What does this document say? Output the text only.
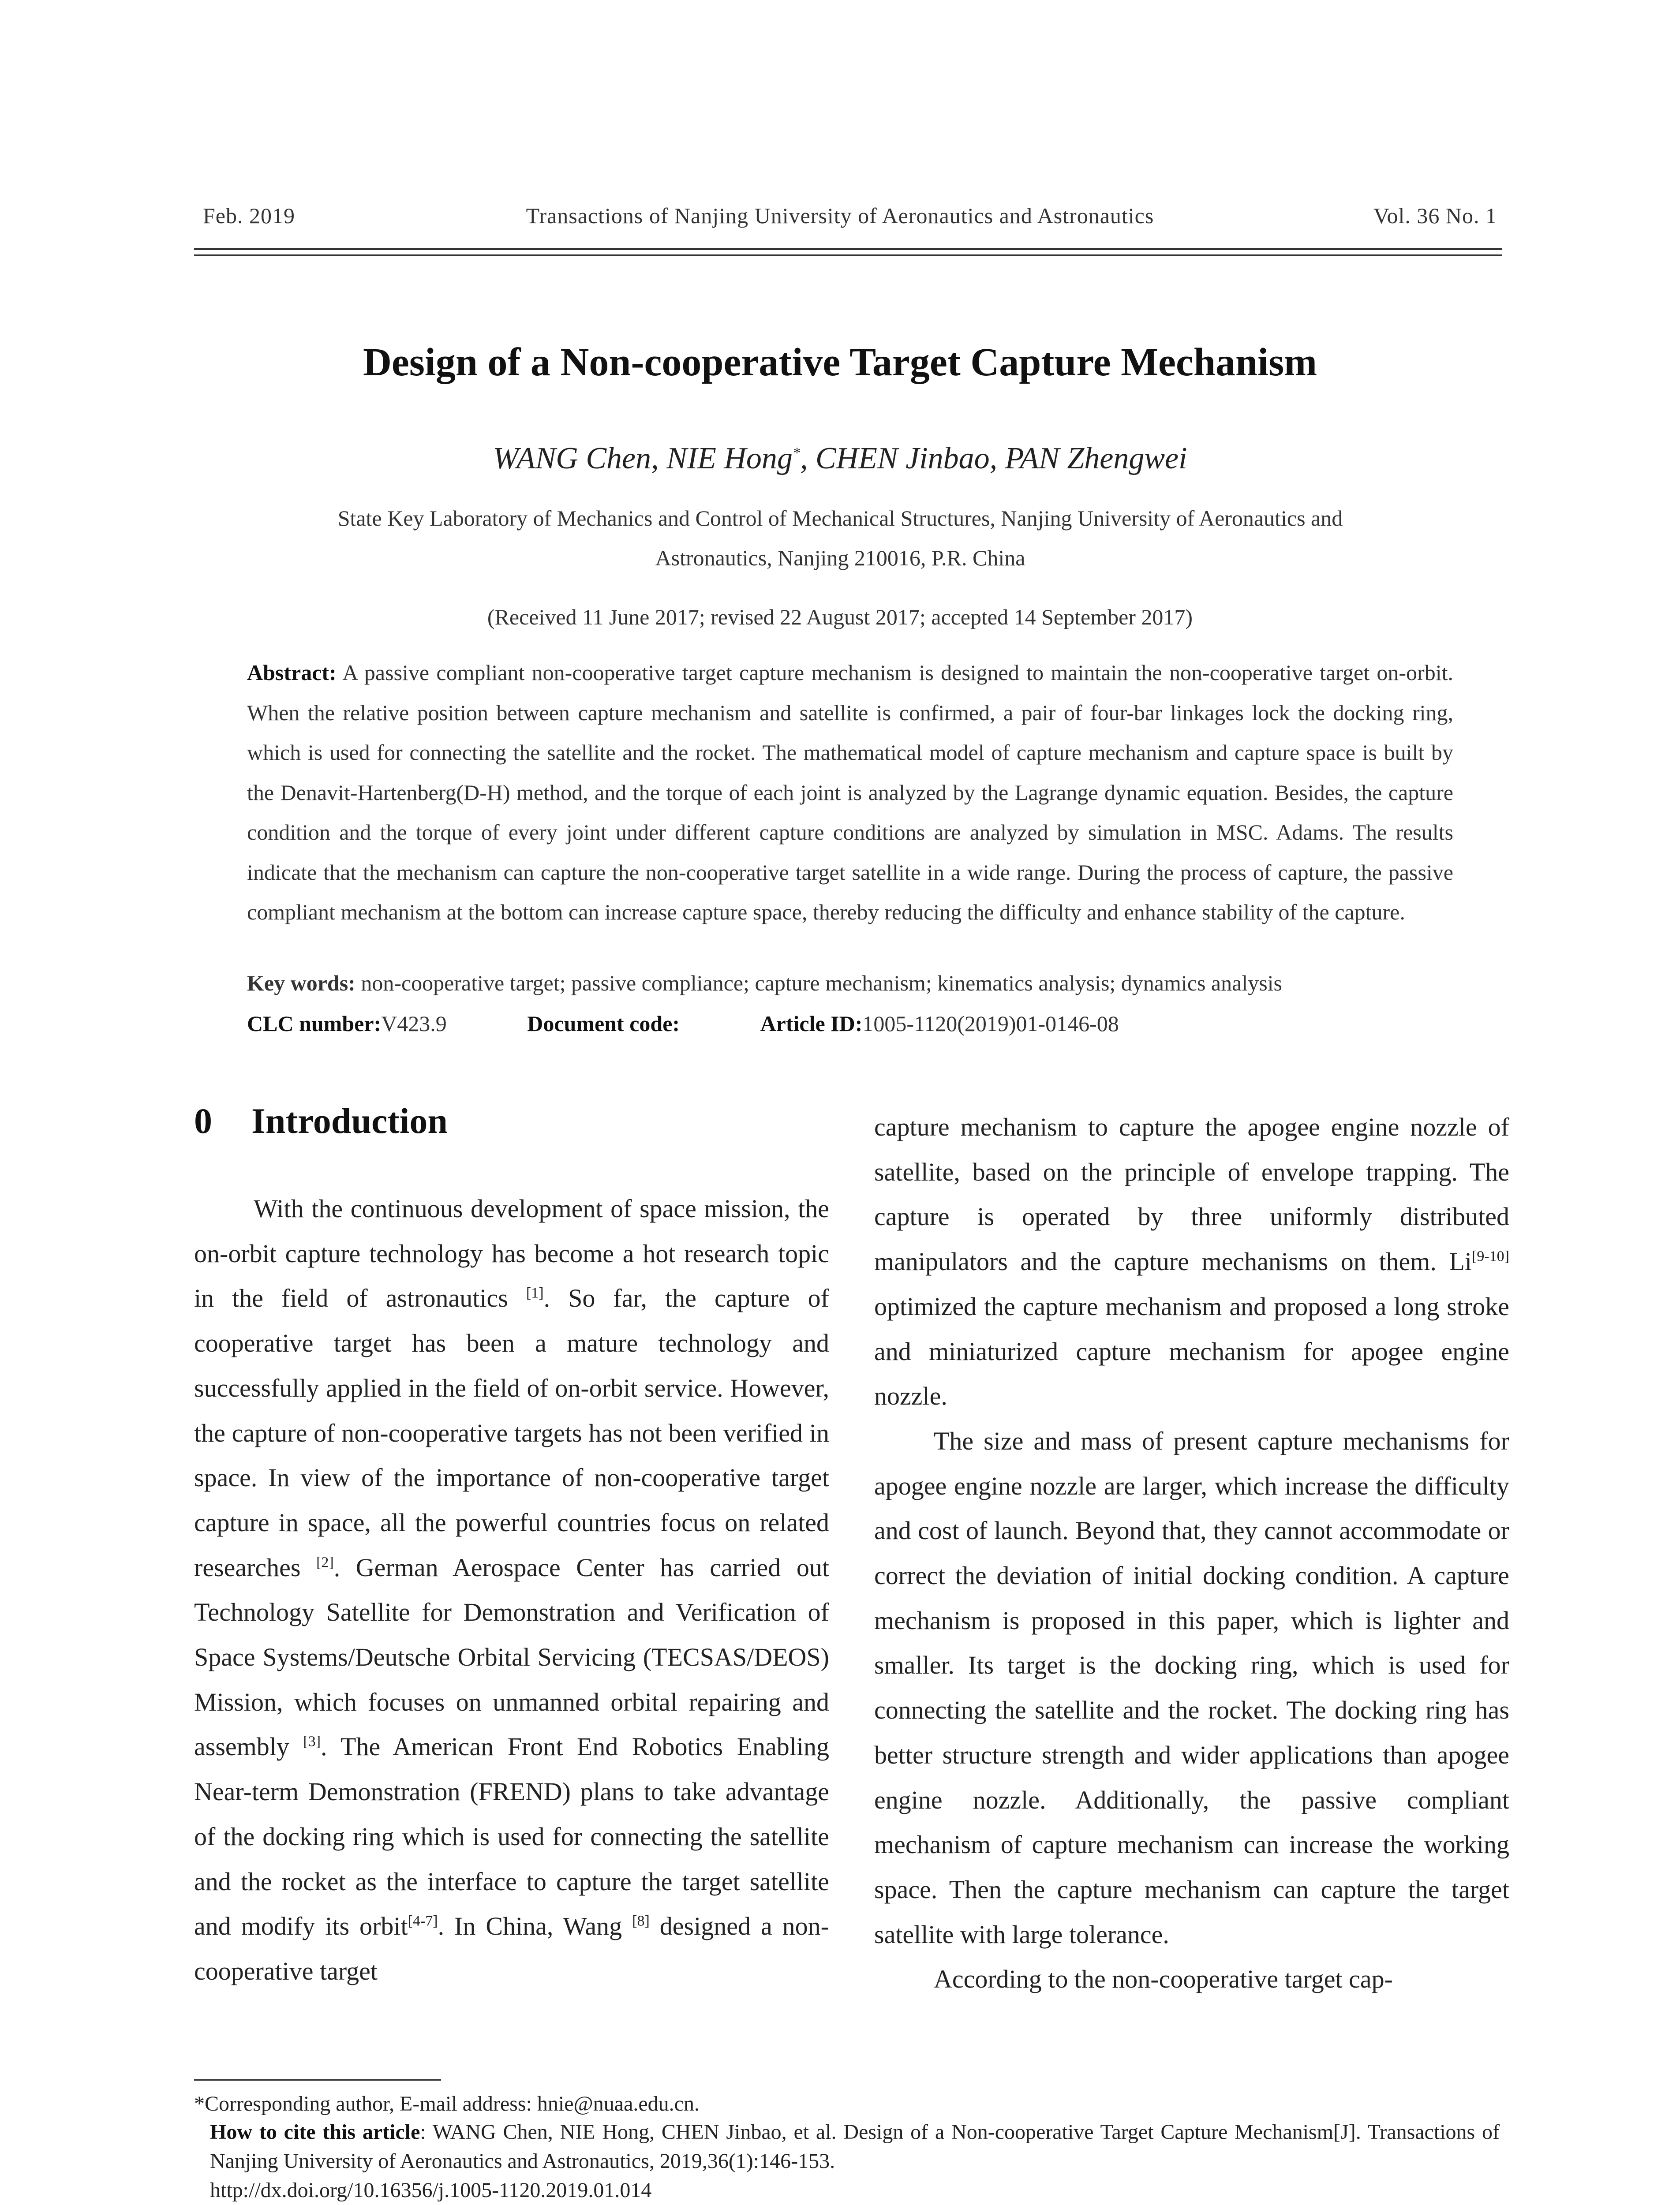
Feb. 2019	Transactions of Nanjing University of Aeronautics and Astronautics	Vol. 36 No. 1
Design of a Non-cooperative Target Capture Mechanism
WANG Chen, NIE Hong*, CHEN Jinbao, PAN Zhengwei
State Key Laboratory of Mechanics and Control of Mechanical Structures, Nanjing University of Aeronautics and
Astronautics, Nanjing 210016, P.R. China
(Received 11 June 2017; revised 22 August 2017; accepted 14 September 2017)
Abstract: A passive compliant non-cooperative target capture mechanism is designed to maintain the non-cooperative target on-orbit. When the relative position between capture mechanism and satellite is confirmed, a pair of four-bar linkages lock the docking ring, which is used for connecting the satellite and the rocket. The mathematical model of capture mechanism and capture space is built by the Denavit-Hartenberg(D-H) method, and the torque of each joint is analyzed by the Lagrange dynamic equation. Besides, the capture condition and the torque of every joint under different capture conditions are analyzed by simulation in MSC. Adams. The results indicate that the mechanism can capture the non-cooperative target satellite in a wide range. During the process of capture, the passive compliant mechanism at the bottom can increase capture space, thereby reducing the difficulty and enhance stability of the capture.
Key words: non-cooperative target; passive compliance; capture mechanism; kinematics analysis; dynamics analysis
CLC number:V423.9	Document code:	Article ID:1005-1120(2019)01-0146-08
0 Introduction

With the continuous development of space mission, the on-orbit capture technology has become a hot research topic in the field of astronautics [1]. So far, the capture of cooperative target has been a mature technology and successfully applied in the field of on-orbit service. However, the capture of non-cooperative targets has not been verified in space. In view of the importance of non-cooperative target capture in space, all the powerful countries focus on related researches [2]. German Aerospace Center has carried out Technology Satellite for Demonstration and Verification of Space Systems/Deutsche Orbital Servicing (TECSAS/DEOS) Mission, which focuses on unmanned orbital repairing and assembly [3]. The American Front End Robotics Enabling Near-term Demonstration (FREND) plans to take advantage of the docking ring which is used for connecting the satellite and the rocket as the interface to capture the target satellite and modify its orbit[4-7]. In China, Wang [8] designed a non-cooperative target

capture mechanism to capture the apogee engine nozzle of satellite, based on the principle of envelope trapping. The capture is operated by three uniformly distributed manipulators and the capture mechanisms on them. Li[9-10] optimized the capture mechanism and proposed a long stroke and miniaturized capture mechanism for apogee engine nozzle.

The size and mass of present capture mechanisms for apogee engine nozzle are larger, which increase the difficulty and cost of launch. Beyond that, they cannot accommodate or correct the deviation of initial docking condition. A capture mechanism is proposed in this paper, which is lighter and smaller. Its target is the docking ring, which is used for connecting the satellite and the rocket. The docking ring has better structure strength and wider applications than apogee engine nozzle. Additionally, the passive compliant mechanism of capture mechanism can increase the working space. Then the capture mechanism can capture the target satellite with large tolerance.

According to the non-cooperative target cap-

*Corresponding author, E-mail address: hnie@nuaa.edu.cn.
How to cite this article: WANG Chen, NIE Hong, CHEN Jinbao, et al. Design of a Non-cooperative Target Capture Mechanism[J]. Transactions of Nanjing University of Aeronautics and Astronautics, 2019,36(1):146-153.
http://dx.doi.org/10.16356/j.1005-1120.2019.01.014
